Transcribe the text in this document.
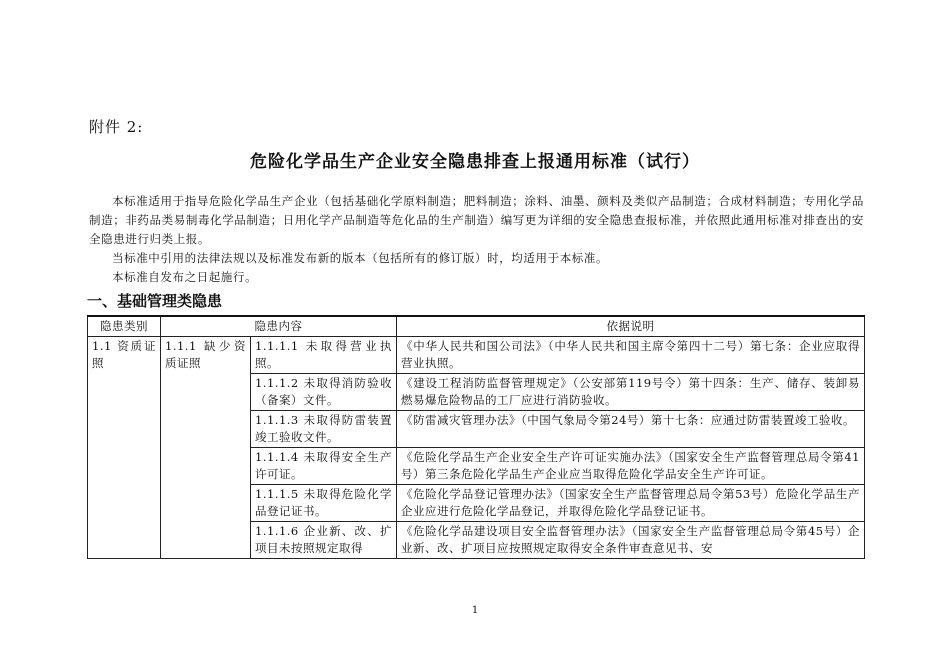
附件 2:
危险化学品生产企业安全隐患排查上报通用标准（试行）

本标准适用于指导危险化学品生产企业（包括基础化学原料制造；肥料制造；涂料、油墨、颜料及类似产品制造；合成材料制造；专用化学品制造；非药品类易制毒化学品制造；日用化学产品制造等危化品的生产制造）编写更为详细的安全隐患查报标准，并依照此通用标准对排查出的安全隐患进行归类上报。

当标准中引用的法律法规以及标准发布新的版本（包括所有的修订版）时，均适用于本标准。

本标准自发布之日起施行。

一、基础管理类隐患
隐患类别	隐患内容		依据说明
1.1 资质证照	1.1.1 缺少资质证照	1.1.1.1 未取得营业执照。	《中华人民共和国公司法》（中华人民共和国主席令第四十二号）第七条：企业应取得营业执照。
		1.1.1.2 未取得消防验收（备案）文件。	《建设工程消防监督管理规定》（公安部第119号令）第十四条：生产、储存、装卸易燃易爆危险物品的工厂应进行消防验收。
		1.1.1.3 未取得防雷装置竣工验收文件。	《防雷减灾管理办法》（中国气象局令第24号）第十七条：应通过防雷装置竣工验收。
		1.1.1.4 未取得安全生产许可证。	《危险化学品生产企业安全生产许可证实施办法》（国家安全生产监督管理总局令第41号）第三条危险化学品生产企业应当取得危险化学品安全生产许可证。
		1.1.1.5 未取得危险化学品登记证书。	《危险化学品登记管理办法》（国家安全生产监督管理总局令第53号）危险化学品生产企业应进行危险化学品登记，并取得危险化学品登记证书。
		1.1.1.6 企业新、改、扩项目未按照规定取得	《危险化学品建设项目安全监督管理办法》（国家安全生产监督管理总局令第45号）企业新、改、扩项目应按照规定取得安全条件审查意见书、安
1
